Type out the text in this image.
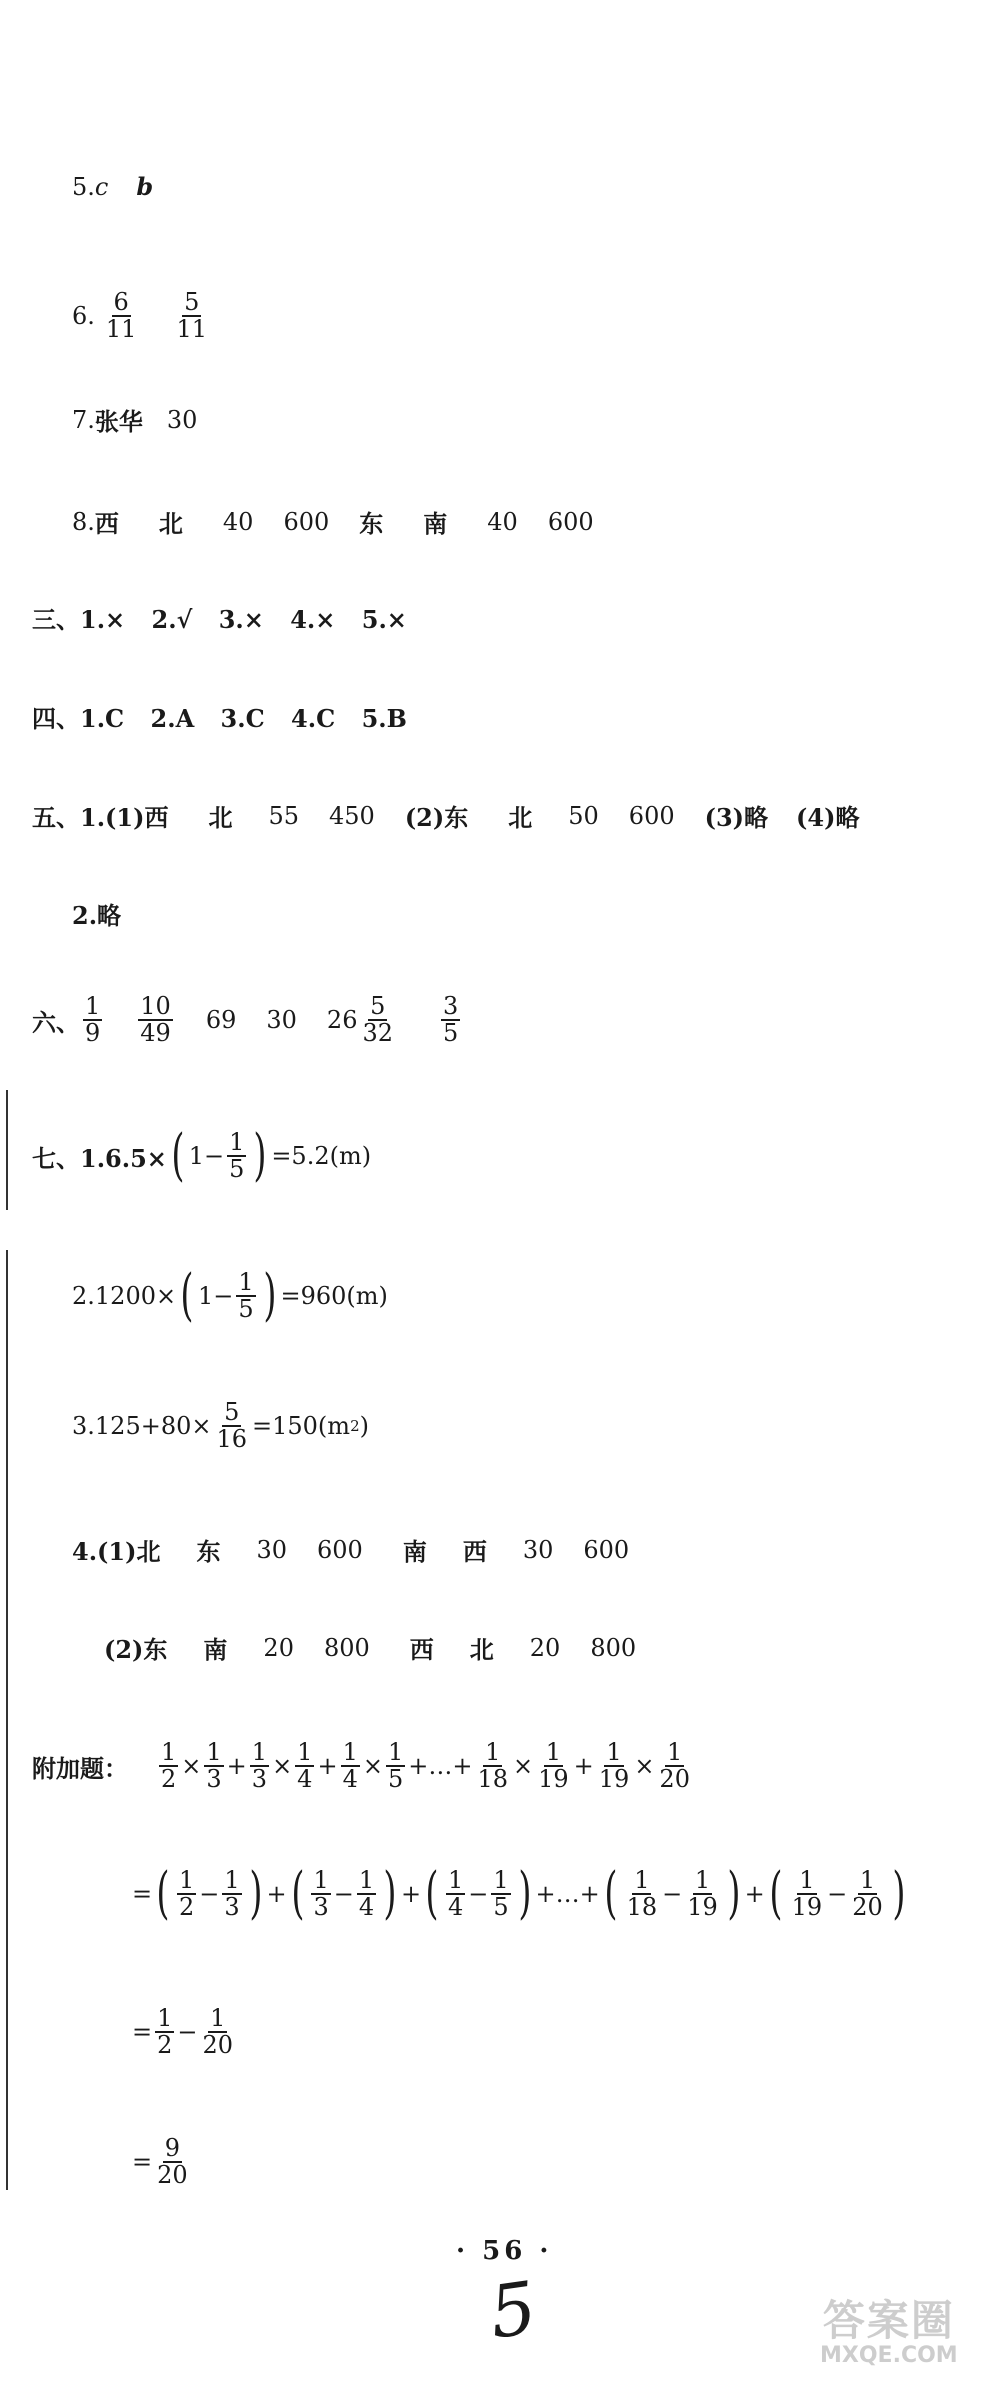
5. c b
6. $\frac{6}{11} \frac{5}{11}$
7. 张华 30
8. 西 北 40 600 东 南 40 600
三、1.× 2.√ 3.× 4.× 5.×
四、1.C 2.A 3.C 4.C 5.B
五、1.(1)西 北 55 450 (2)东 北 50 600 (3)略 (4)略
2.略
六、 $\frac{1}{9} \frac{10}{49} 69$ 30 $26 \frac{5}{32} \frac{3}{5}$
七、1.6.5× ( $1- \frac{1}{5}$ ) =5.2(m)
2.1200× ( $1- \frac{1}{5}$ ) =960(m)
$3.125+80\times \frac{5}{16} =150(m$ 2 )
4.(1)北 东 30 600 南 西 30 600
(2)东 南 20 800 西 北 20 800
附加题： $\frac{1}{2} \times \frac{1}{3} + \frac{1}{3} \times \frac{1}{4} + \frac{1}{4} \times \frac{1}{5}$ +…+ $\frac{1}{18} \times \frac{1}{19} + \frac{1}{19} \times \frac{1}{20}$
= ( $\frac{1}{2} - \frac{1}{3}$ ) + ( $\frac{1}{3} - \frac{1}{4}$ ) + ( $\frac{1}{4} - \frac{1}{5}$ ) +…+ ( $\frac{1}{18} - \frac{1}{19}$ ) + ( $\frac{1}{19} - \frac{1}{20}$ )
= $\frac{1}{2} - \frac{1}{20}$
= $\frac{9}{20}$
· 56 ·
5	答案圈
MXQE.COM
